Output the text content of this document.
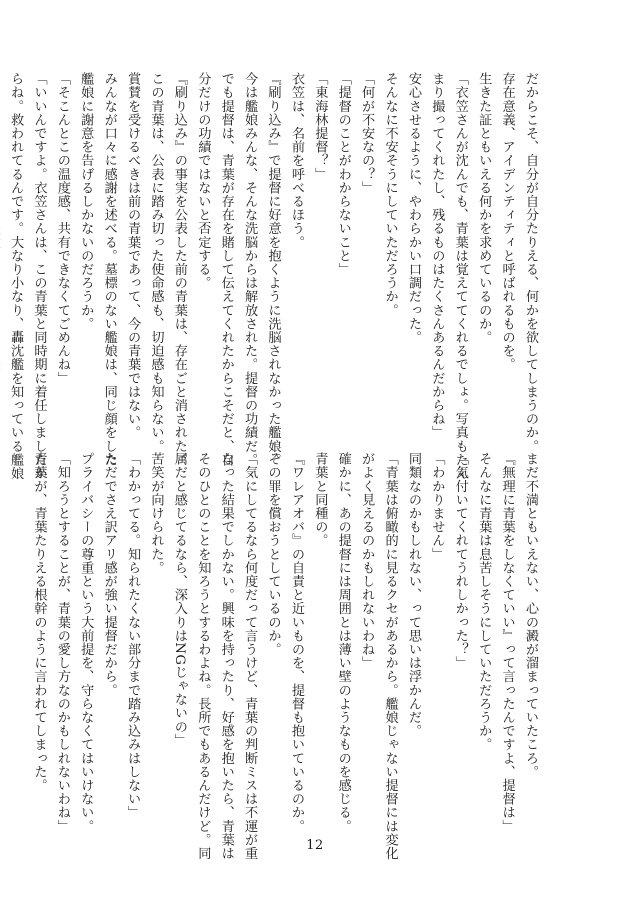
だからこそ、自分が自分たりえる、何かを欲してしまうのか。

存在意義、アイデンティティと呼ばれるものを。

生きた証ともいえる何かを求めているのか。

「衣笠さんが沈んでも、青葉は覚えててくれるでしょ。写真もたん

まり撮ってくれたし、残るものはたくさんあるんだからね」

安心させるように、やわらかい口調だった。

そんなに不安そうにしていただろうか。

「何が不安なの？」

「提督のことがわからないこと」

「東海林提督？」

衣笠は、名前を呼べるほう。

『刷り込み』で提督に好意を抱くように洗脳されなかった艦娘。

今は艦娘みんな、そんな洗脳からは解放された。提督の功績だ。

でも提督は、青葉が存在を賭して伝えてくれたからこそだと、自

分だけの功績ではないと否定する。

『刷り込み』の事実を公表した前の青葉は、存在ごと消された。

この青葉は、公表に踏み切った使命感も、切迫感も知らない。

賞賛を受けるべきは前の青葉であって、今の青葉ではない。

みんなが口々に感謝を述べる。墓標のない艦娘は、同じ顔をした

艦娘に謝意を告げるしかないのだろうか。

「そこんとこの温度感、共有できなくてごめんね」

「いいんですよ。衣笠さんは、この青葉と同時期に着任しましたか

らね。救われてるんです。大なり小なり、轟沈艦を知っている艦娘

まだ不満ともいえない、心の澱が溜まっていたころ。

『無理に青葉をしなくていい』って言ったんですよ、提督は」

そんなに青葉は息苦しそうにしていただろうか。

「気付いてくれてうれしかった？」

「わかりません」

同類なのかもしれない、って思いは浮かんだ。

「青葉は俯瞰的に見るクセがあるから。艦娘じゃない提督には変化

がよく見えるのかもしれないわね」

確かに、あの提督には周囲とは薄い壁のようなものを感じる。

青葉と同種の。

『ワレアオバ』の自責と近いものを、提督も抱いているのか。

その罪を償おうとしているのか。

「気にしてるなら何度だって言うけど、青葉の判断ミスは不運が重

なった結果でしかない。興味を持ったり、好感を抱いたら、青葉は

そのひとのことを知ろうとするわよね。長所でもあるんだけど。同

属だと感じてるなら、深入りはNGじゃないの」

苦笑が向けられた。

「わかってる。知られたくない部分まで踏み込みはしない」

ただでさえ訳アリ感が強い提督だから。

プライバシーの尊重という大前提を、守らなくてはいけない。

「知ろうとすることが、青葉の愛し方なのかもしれないわね」

青葉が、青葉たりえる根幹のように言われてしまった。

12
